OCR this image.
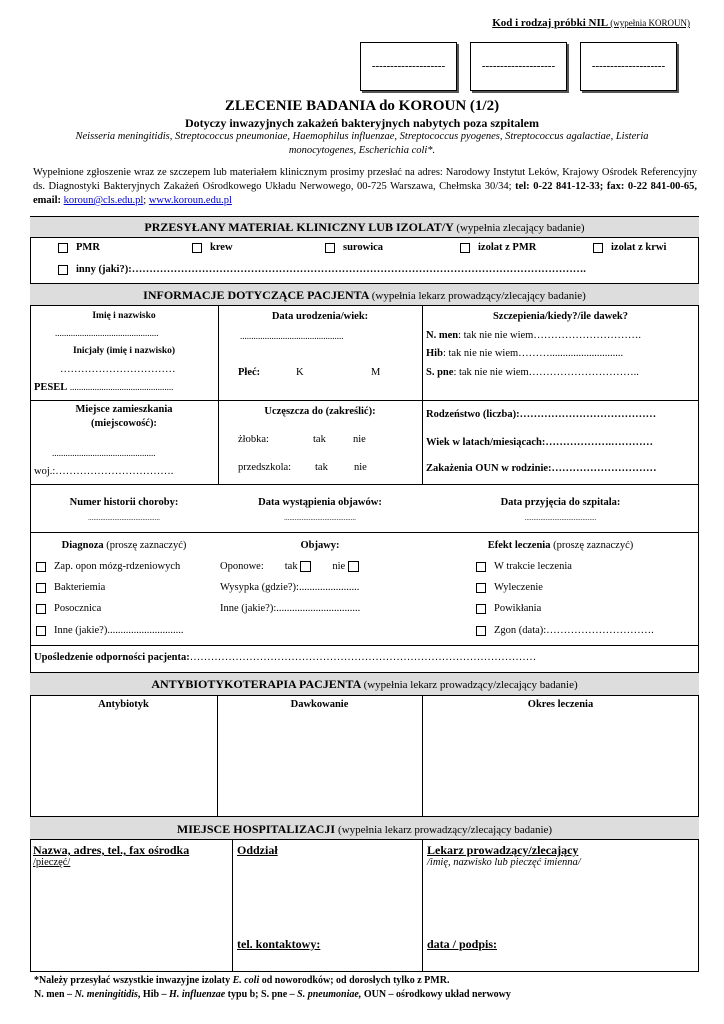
Kod i rodzaj próbki NIL (wypełnia KOROUN)
--------------------	--------------------	--------------------
ZLECENIE BADANIA do KOROUN (1/2)
Dotyczy inwazyjnych zakażeń bakteryjnych nabytych poza szpitalem
Neisseria meningitidis, Streptococcus pneumoniae, Haemophilus influenzae, Streptococcus pyogenes, Streptococcus agalactiae, Listeria
monocytogenes, Escherichia coli*.
Wypełnione zgłoszenie wraz ze szczepem lub materiałem klinicznym prosimy przesłać na adres: Narodowy Instytut Leków, Krajowy Ośrodek Referencyjny ds. Diagnostyki Bakteryjnych Zakażeń Ośrodkowego Układu Nerwowego, 00-725 Warszawa, Chełmska 30/34; tel: 0-22 841-12-33; fax: 0-22 841-00-65, email: koroun@cls.edu.pl; www.koroun.edu.pl
PRZESYŁANY MATERIAŁ KLINICZNY LUB IZOLAT/Y (wypełnia zlecający badanie)
PMR	krew	surowica	izolat z PMR	izolat z krwi
inny (jaki?):………………………………………………………………………………………………………………….
INFORMACJE DOTYCZĄCE PACJENTA (wypełnia lekarz prowadzący/zlecający badanie)
Imię i nazwisko
..............................................
Inicjały (imię i nazwisko)
……………………………
PESEL ..............................................
Data urodzenia/wiek:
..............................................
Płeć:	K	M
Szczepienia/kiedy?/ile dawek?
N. men: tak nie nie wiem………………………….
Hib: tak nie nie wiem………............................
S. pne: tak nie nie wiem…………………………..
Miejsce zamieszkania
(miejscowość):
..............................................
woj.:…………………………….
Uczęszcza do (zakreślić):
żłobka:	tak	nie
przedszkola: tak nie
Rodzeństwo (liczba):…………………………………
Wiek w latach/miesiącach:……………….…………
Zakażenia OUN w rodzinie:…………………………
Numer historii choroby:
.........................................
Data wystąpienia objawów:
.........................................
Data przyjęcia do szpitala:
.........................................
Diagnoza (proszę zaznaczyć)
Zap. opon mózg-rdzeniowych
Bakteriemia
Posocznica
Inne (jakie?).............................
Objawy:
Oponowe: tak	nie
Wysypka (gdzie?):.......................
Inne (jakie?):................................
Efekt leczenia (proszę zaznaczyć)
W trakcie leczenia
Wyleczenie
Powikłania
Zgon (data):………………………….
Upośledzenie odporności pacjenta:………………………………………………………………………………………
ANTYBIOTYKOTERAPIA PACJENTA (wypełnia lekarz prowadzący/zlecający badanie)
Antybiotyk	Dawkowanie	Okres leczenia
MIEJSCE HOSPITALIZACJI (wypełnia lekarz prowadzący/zlecający badanie)
Nazwa, adres, tel., fax ośrodka
/pieczęć/
Oddział
tel. kontaktowy:
Lekarz prowadzący/zlecający
/imię, nazwisko lub pieczęć imienna/
data / podpis:
*Należy przesyłać wszystkie inwazyjne izolaty E. coli od noworodków; od dorosłych tylko z PMR.
N. men – N. meningitidis, Hib – H. influenzae typu b; S. pne – S. pneumoniae, OUN – ośrodkowy układ nerwowy
